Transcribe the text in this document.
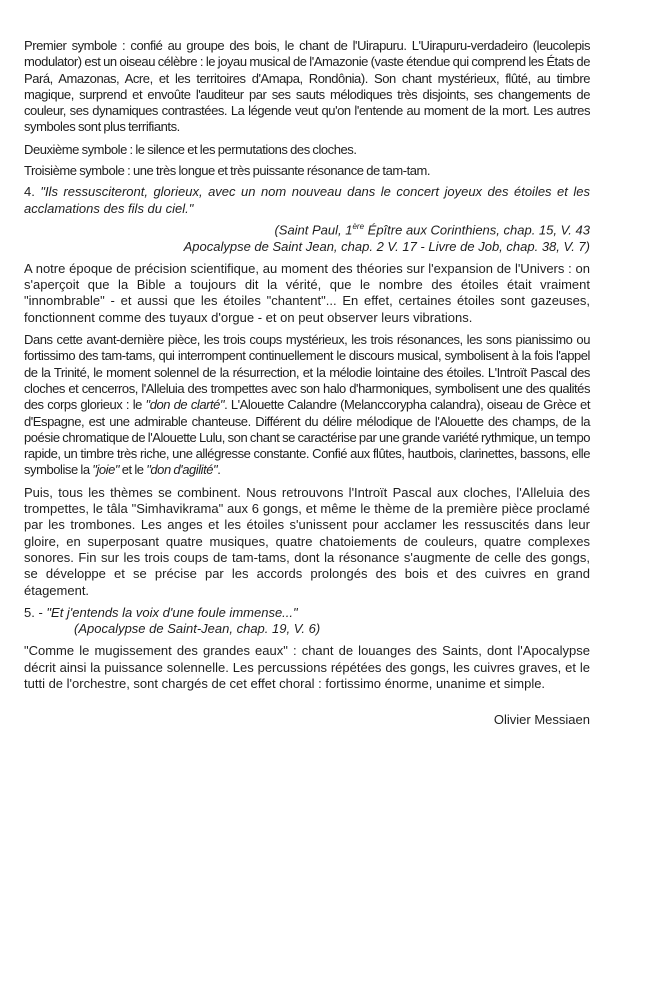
Premier symbole : confié au groupe des bois, le chant de l'Uirapuru. L'Uirapuru-verdadeiro (leucolepis modulator) est un oiseau célèbre : le joyau musical de l'Amazonie (vaste étendue qui comprend les États de Pará, Amazonas, Acre, et les territoires d'Amapa, Rondônia). Son chant mystérieux, flûté, au timbre magique, surprend et envoûte l'auditeur par ses sauts mélodiques très disjoints, ses changements de couleur, ses dynamiques contrastées. La légende veut qu'on l'entende au moment de la mort. Les autres symboles sont plus terrifiants.

Deuxième symbole : le silence et les permutations des cloches.

Troisième symbole : une très longue et très puissante résonance de tam-tam.

4. "Ils ressusciteront, glorieux, avec un nom nouveau dans le concert joyeux des étoiles et les acclamations des fils du ciel."

(Saint Paul, 1ère Épître aux Corinthiens, chap. 15, V. 43

Apocalypse de Saint Jean, chap. 2 V. 17 - Livre de Job, chap. 38, V. 7)

A notre époque de précision scientifique, au moment des théories sur l'expansion de l'Univers : on s'aperçoit que la Bible a toujours dit la vérité, que le nombre des étoiles était vraiment "innombrable" - et aussi que les étoiles "chantent"... En effet, certaines étoiles sont gazeuses, fonctionnent comme des tuyaux d'orgue - et on peut observer leurs vibrations.

Dans cette avant-dernière pièce, les trois coups mystérieux, les trois résonances, les sons pianissimo ou fortissimo des tam-tams, qui interrompent continuellement le discours musical, symbolisent à la fois l'appel de la Trinité, le moment solennel de la résurrection, et la mélodie lointaine des étoiles. L'Introït Pascal des cloches et cencerros, l'Alleluia des trompettes avec son halo d'harmoniques, symbolisent une des qualités des corps glorieux : le "don de clarté". L'Alouette Calandre (Melanccorypha calandra), oiseau de Grèce et d'Espagne, est une admirable chanteuse. Différent du délire mélodique de l'Alouette des champs, de la poésie chromatique de l'Alouette Lulu, son chant se caractérise par une grande variété rythmique, un tempo rapide, un timbre très riche, une allégresse constante. Confié aux flûtes, hautbois, clarinettes, bassons, elle symbolise la "joie" et le "don d'agilité".

Puis, tous les thèmes se combinent. Nous retrouvons l'Introït Pascal aux cloches, l'Alleluia des trompettes, le tâla "Simhavikrama" aux 6 gongs, et même le thème de la première pièce proclamé par les trombones. Les anges et les étoiles s'unissent pour acclamer les ressuscités dans leur gloire, en superposant quatre musiques, quatre chatoiements de couleurs, quatre complexes sonores. Fin sur les trois coups de tam-tams, dont la résonance s'augmente de celle des gongs, se développe et se précise par les accords prolongés des bois et des cuivres en grand étagement.

5. - "Et j'entends la voix d'une foule immense..."

(Apocalypse de Saint-Jean, chap. 19, V. 6)

"Comme le mugissement des grandes eaux" : chant de louanges des Saints, dont l'Apocalypse décrit ainsi la puissance solennelle. Les percussions répétées des gongs, les cuivres graves, et le tutti de l'orchestre, sont chargés de cet effet choral : fortissimo énorme, unanime et simple.

Olivier Messiaen
